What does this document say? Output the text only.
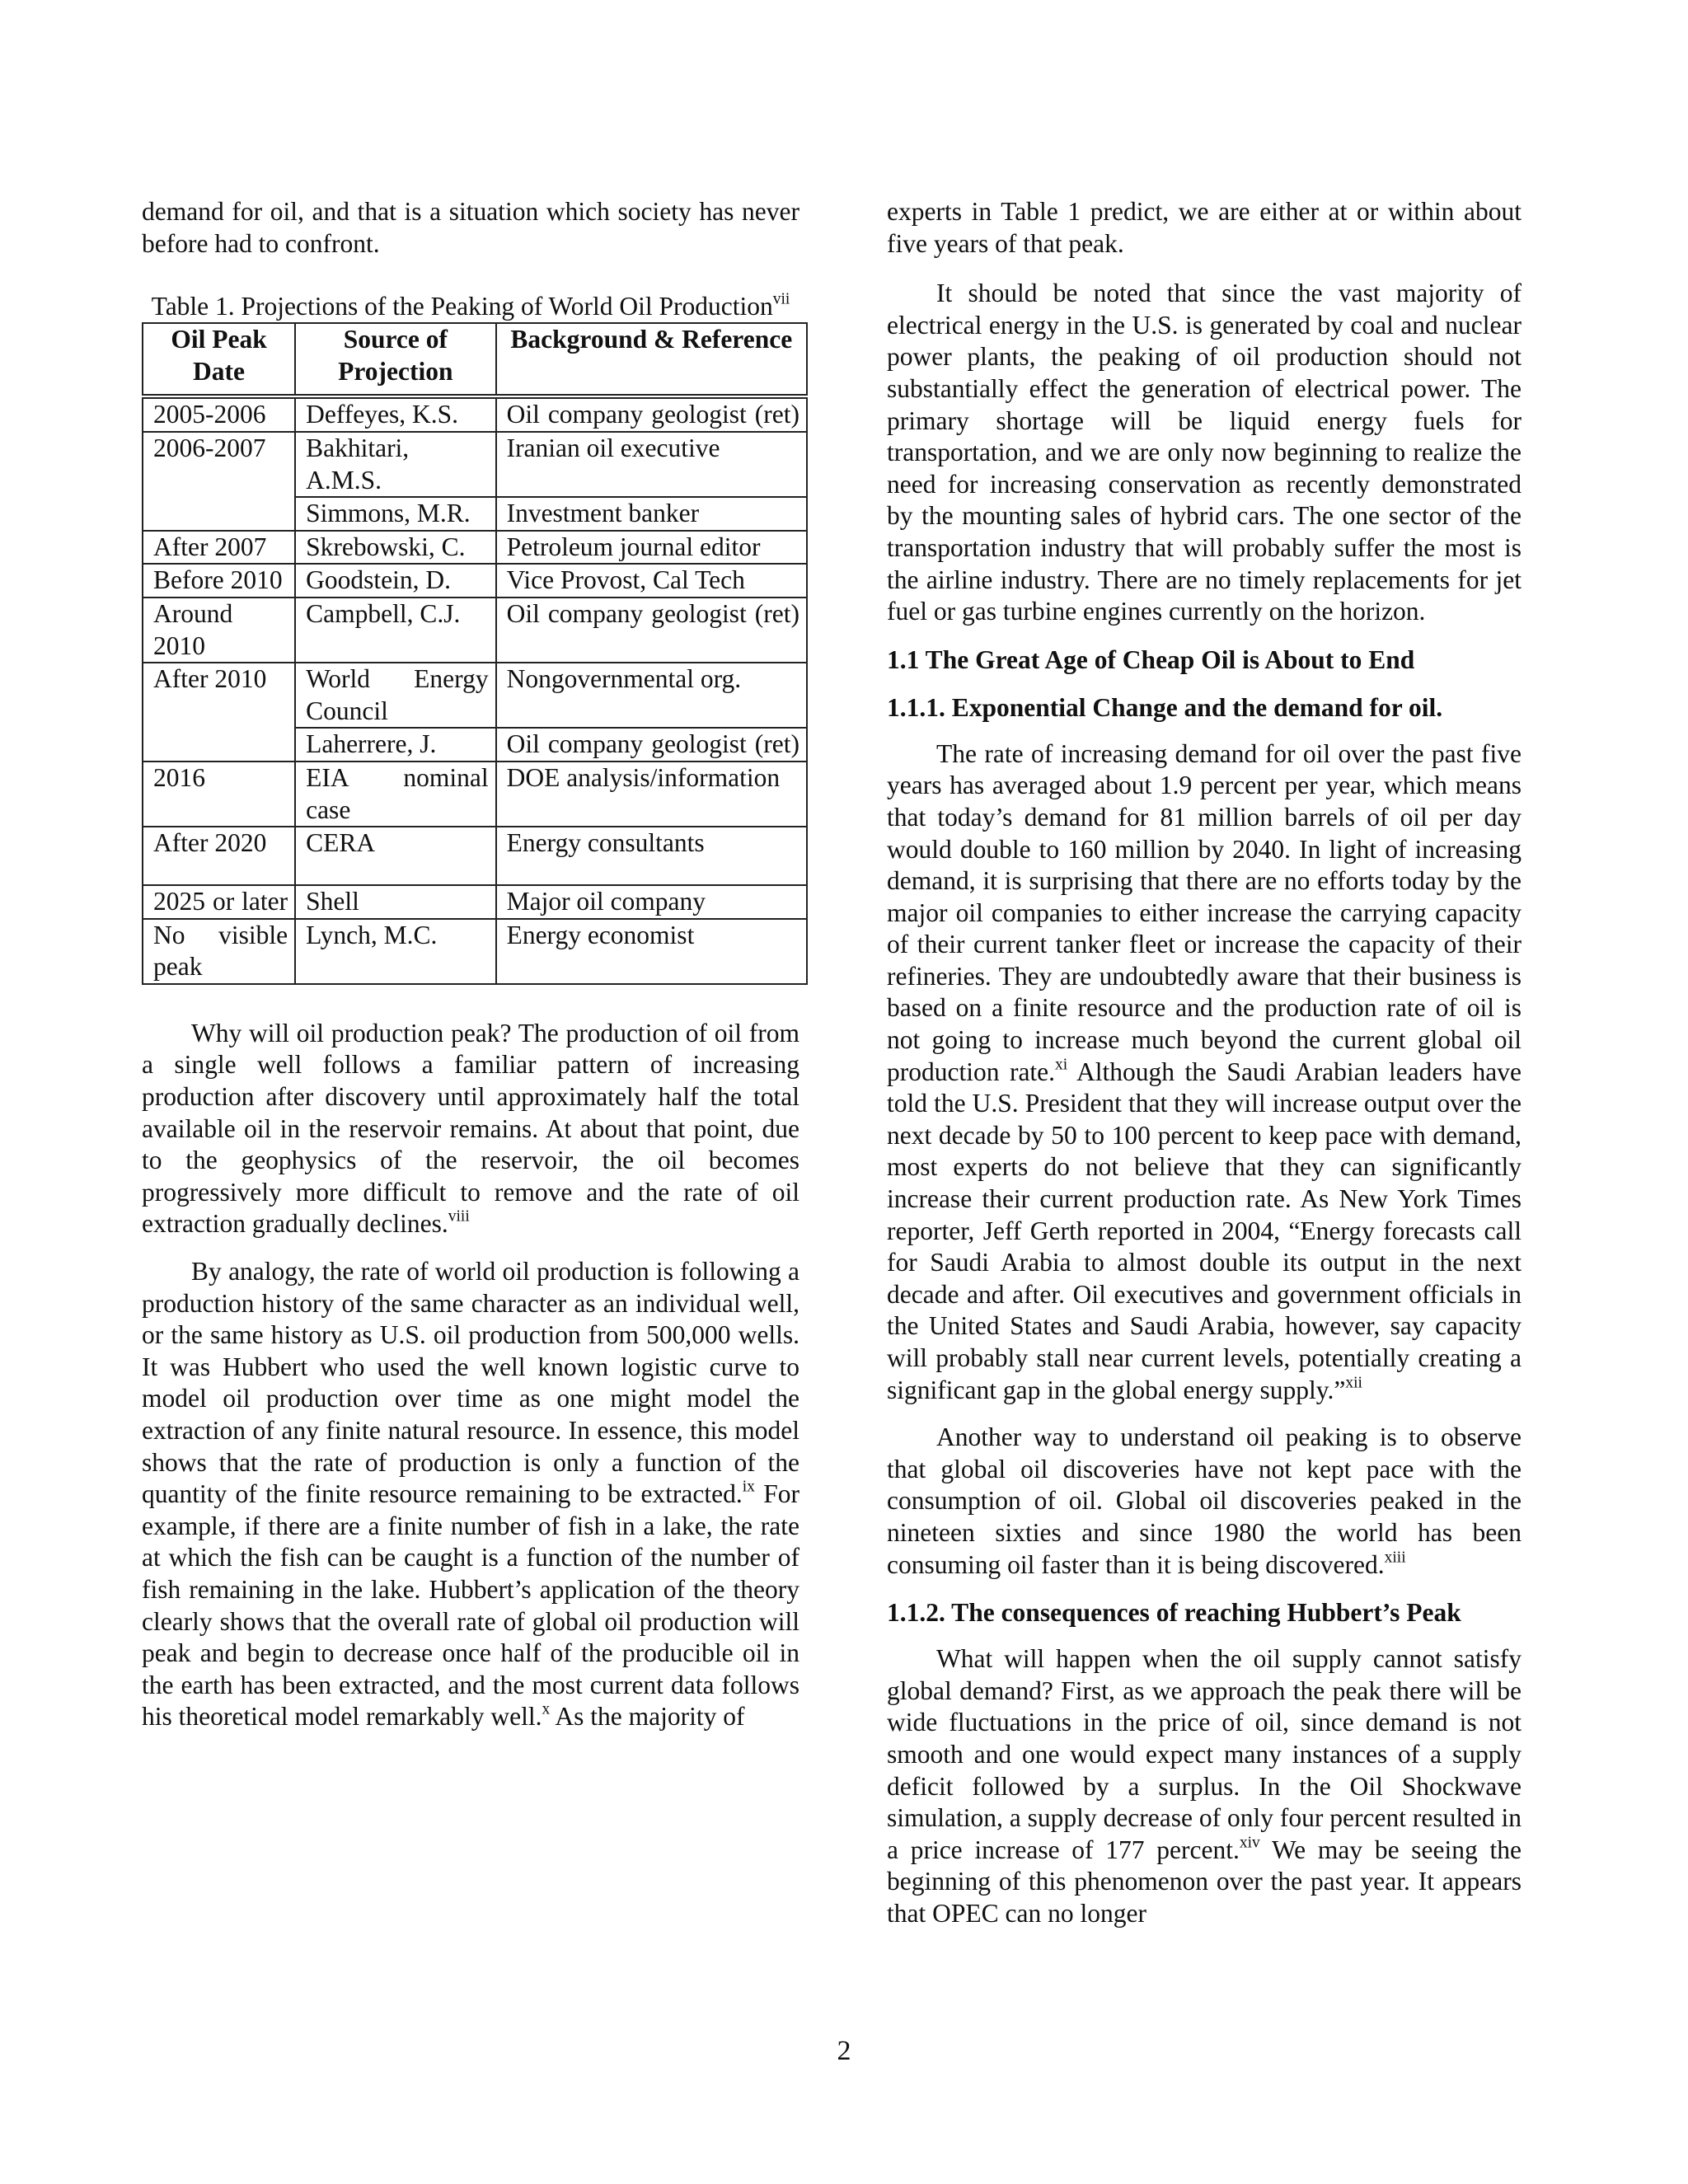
demand for oil, and that is a situation which society has never before had to confront.

Table 1. Projections of the Peaking of World Oil Production$^{vii}$
Oil Peak Date	Source of Projection	Background & Reference
2005-2006	Deffeyes, K.S.	Oil company geologist (ret)
2006-2007	Bakhitari, A.M.S.	Iranian oil executive
	Simmons, M.R.	Investment banker
After 2007	Skrebowski, C.	Petroleum journal editor
Before 2010	Goodstein, D.	Vice Provost, Cal Tech
Around 2010	Campbell, C.J.	Oil company geologist (ret)
After 2010	World Energy Council	Nongovernmental org.
	Laherrere, J.	Oil company geologist (ret)
2016	EIA nominal case	DOE analysis/information
After 2020	CERA	Energy consultants
2025 or later	Shell	Major oil company
No visible peak	Lynch, M.C.	Energy economist

Why will oil production peak? The production of oil from a single well follows a familiar pattern of increasing production after discovery until approximately half the total available oil in the reservoir remains. At about that point, due to the geophysics of the reservoir, the oil becomes progressively more difficult to remove and the rate of oil extraction gradually declines.$^{viii}$

By analogy, the rate of world oil production is following a production history of the same character as an individual well, or the same history as U.S. oil production from 500,000 wells. It was Hubbert who used the well known logistic curve to model oil production over time as one might model the extraction of any finite natural resource. In essence, this model shows that the rate of production is only a function of the quantity of the finite resource remaining to be extracted.$^{ix}$ For example, if there are a finite number of fish in a lake, the rate at which the fish can be caught is a function of the number of fish remaining in the lake. Hubbert’s application of the theory clearly shows that the overall rate of global oil production will peak and begin to decrease once half of the producible oil in the earth has been extracted, and the most current data follows his theoretical model remarkably well.$^x$ As the majority of

experts in Table 1 predict, we are either at or within about five years of that peak.

It should be noted that since the vast majority of electrical energy in the U.S. is generated by coal and nuclear power plants, the peaking of oil production should not substantially effect the generation of electrical power. The primary shortage will be liquid energy fuels for transportation, and we are only now beginning to realize the need for increasing conservation as recently demonstrated by the mounting sales of hybrid cars. The one sector of the transportation industry that will probably suffer the most is the airline industry. There are no timely replacements for jet fuel or gas turbine engines currently on the horizon.

1.1 The Great Age of Cheap Oil is About to End
1.1.1. Exponential Change and the demand for oil.

The rate of increasing demand for oil over the past five years has averaged about 1.9 percent per year, which means that today’s demand for 81 million barrels of oil per day would double to 160 million by 2040. In light of increasing demand, it is surprising that there are no efforts today by the major oil companies to either increase the carrying capacity of their current tanker fleet or increase the capacity of their refineries. They are undoubtedly aware that their business is based on a finite resource and the production rate of oil is not going to increase much beyond the current global oil production rate.$^{xi}$ Although the Saudi Arabian leaders have told the U.S. President that they will increase output over the next decade by 50 to 100 percent to keep pace with demand, most experts do not believe that they can significantly increase their current production rate. As New York Times reporter, Jeff Gerth reported in 2004, “Energy forecasts call for Saudi Arabia to almost double its output in the next decade and after. Oil executives and government officials in the United States and Saudi Arabia, however, say capacity will probably stall near current levels, potentially creating a significant gap in the global energy supply.”$^{xii}$

Another way to understand oil peaking is to observe that global oil discoveries have not kept pace with the consumption of oil. Global oil discoveries peaked in the nineteen sixties and since 1980 the world has been consuming oil faster than it is being discovered.$^{xiii}$

1.1.2. The consequences of reaching Hubbert’s Peak

What will happen when the oil supply cannot satisfy global demand? First, as we approach the peak there will be wide fluctuations in the price of oil, since demand is not smooth and one would expect many instances of a supply deficit followed by a surplus. In the Oil Shockwave simulation, a supply decrease of only four percent resulted in a price increase of 177 percent.$^{xiv}$ We may be seeing the beginning of this phenomenon over the past year. It appears that OPEC can no longer

2
